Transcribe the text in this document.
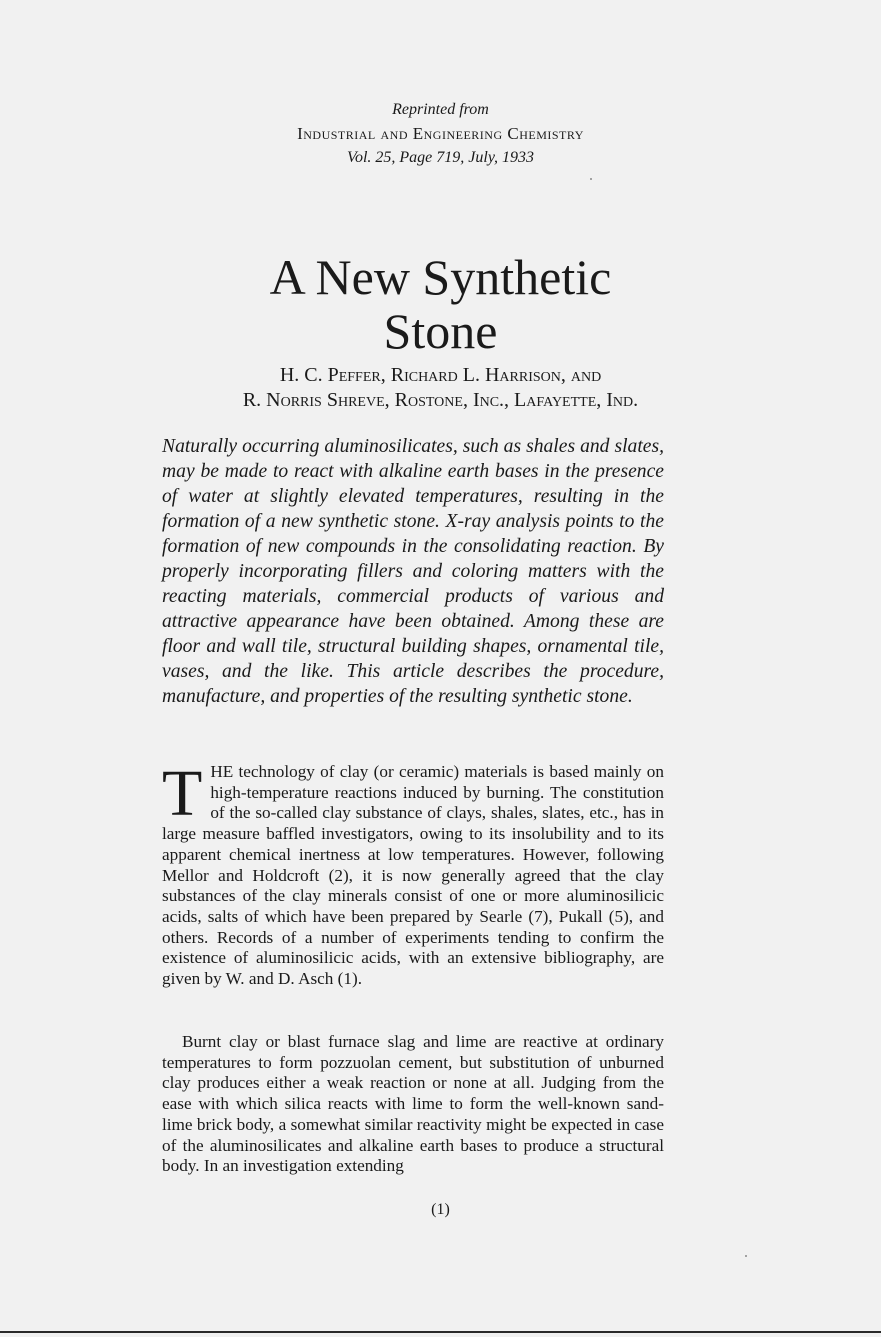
Reprinted from
Industrial and Engineering Chemistry
Vol. 25, Page 719, July, 1933
A New Synthetic
Stone
H. C. Peffer, Richard L. Harrison, and
R. Norris Shreve, Rostone, Inc., Lafayette, Ind.

Naturally occurring aluminosilicates, such as shales and slates, may be made to react with alkaline earth bases in the presence of water at slightly elevated temperatures, resulting in the formation of a new synthetic stone. X-ray analysis points to the formation of new compounds in the consolidating reaction. By properly incorporating fillers and coloring matters with the reacting materials, commercial products of various and attractive appearance have been obtained. Among these are floor and wall tile, structural building shapes, ornamental tile, vases, and the like. This article describes the procedure, manufacture, and properties of the resulting synthetic stone.

THE technology of clay (or ceramic) materials is based mainly on high-temperature reactions induced by burning. The constitution of the so-called clay substance of clays, shales, slates, etc., has in large measure baffled investigators, owing to its insolubility and to its apparent chemical inertness at low temperatures. However, following Mellor and Holdcroft (2), it is now generally agreed that the clay substances of the clay minerals consist of one or more aluminosilicic acids, salts of which have been prepared by Searle (7), Pukall (5), and others. Records of a number of experiments tending to confirm the existence of aluminosilicic acids, with an extensive bibliography, are given by W. and D. Asch (1).

Burnt clay or blast furnace slag and lime are reactive at ordinary temperatures to form pozzuolan cement, but substitution of unburned clay produces either a weak reaction or none at all. Judging from the ease with which silica reacts with lime to form the well-known sand-lime brick body, a somewhat similar reactivity might be expected in case of the aluminosilicates and alkaline earth bases to produce a structural body. In an investigation extending

(1)
